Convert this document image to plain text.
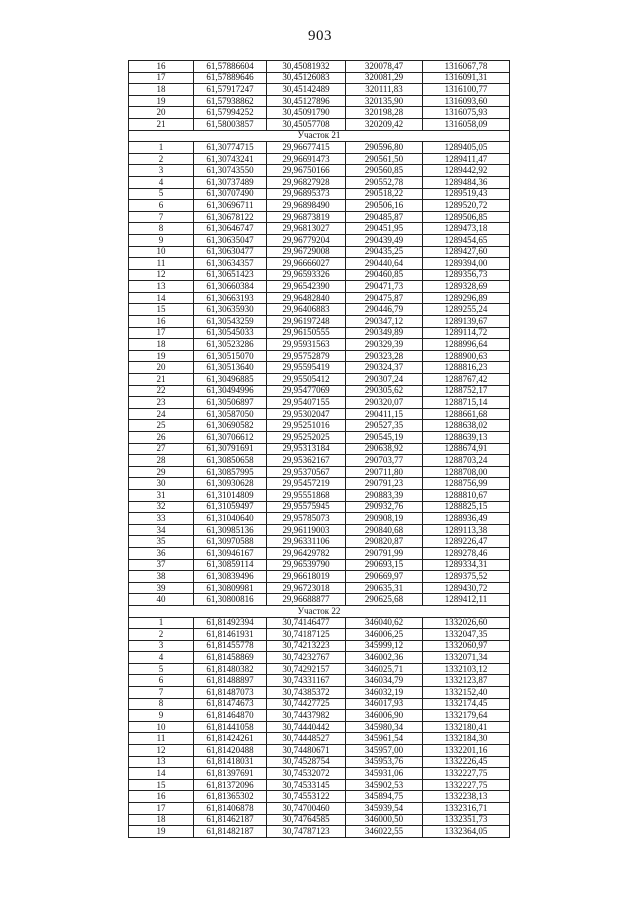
903
16	61,57886604	30,45081932	320078,47	1316067,78
17	61,57889646	30,45126083	320081,29	1316091,31
18	61,57917247	30,45142489	320111,83	1316100,77
19	61,57938862	30,45127896	320135,90	1316093,60
20	61,57994252	30,45091790	320198,28	1316075,93
21	61,58003857	30,45057708	320209,42	1316058,09
Участок 21				
1	61,30774715	29,96677415	290596,80	1289405,05
2	61,30743241	29,96691473	290561,50	1289411,47
3	61,30743550	29,96750166	290560,85	1289442,92
4	61,30737489	29,96827928	290552,78	1289484,36
5	61,30707490	29,96895373	290518,22	1289519,43
6	61,30696711	29,96898490	290506,16	1289520,72
7	61,30678122	29,96873819	290485,87	1289506,85
8	61,30646747	29,96813027	290451,95	1289473,18
9	61,30635047	29,96779204	290439,49	1289454,65
10	61,30630477	29,96729008	290435,25	1289427,60
11	61,30634357	29,96666027	290440,64	1289394,00
12	61,30651423	29,96593326	290460,85	1289356,73
13	61,30660384	29,96542390	290471,73	1289328,69
14	61,30663193	29,96482840	290475,87	1289296,89
15	61,30635930	29,96406883	290446,79	1289255,24
16	61,30543259	29,96197248	290347,12	1289139,67
17	61,30545033	29,96150555	290349,89	1289114,72
18	61,30523286	29,95931563	290329,39	1288996,64
19	61,30515070	29,95752879	290323,28	1288900,63
20	61,30513640	29,95595419	290324,37	1288816,23
21	61,30496885	29,95505412	290307,24	1288767,42
22	61,30494996	29,95477069	290305,62	1288752,17
23	61,30506897	29,95407155	290320,07	1288715,14
24	61,30587050	29,95302047	290411,15	1288661,68
25	61,30690582	29,95251016	290527,35	1288638,02
26	61,30706612	29,95252025	290545,19	1288639,13
27	61,30791691	29,95313184	290638,92	1288674,91
28	61,30850658	29,95362167	290703,77	1288703,24
29	61,30857995	29,95370567	290711,80	1288708,00
30	61,30930628	29,95457219	290791,23	1288756,99
31	61,31014809	29,95551868	290883,39	1288810,67
32	61,31059497	29,95575945	290932,76	1288825,15
33	61,31040640	29,95785073	290908,19	1288936,49
34	61,30985136	29,96119003	290840,68	1289113,38
35	61,30970588	29,96331106	290820,87	1289226,47
36	61,30946167	29,96429782	290791,99	1289278,46
37	61,30859114	29,96539790	290693,15	1289334,31
38	61,30839496	29,96618019	290669,97	1289375,52
39	61,30809981	29,96723018	290635,31	1289430,72
40	61,30800816	29,96688877	290625,68	1289412,11
Участок 22				
1	61,81492394	30,74146477	346040,62	1332026,60
2	61,81461931	30,74187125	346006,25	1332047,35
3	61,81455778	30,74213223	345999,12	1332060,97
4	61,81458869	30,74232767	346002,36	1332071,34
5	61,81480382	30,74292157	346025,71	1332103,12
6	61,81488897	30,74331167	346034,79	1332123,87
7	61,81487073	30,74385372	346032,19	1332152,40
8	61,81474673	30,74427725	346017,93	1332174,45
9	61,81464870	30,74437982	346006,90	1332179,64
10	61,81441058	30,74440442	345980,34	1332180,41
11	61,81424261	30,74448527	345961,54	1332184,30
12	61,81420488	30,74480671	345957,00	1332201,16
13	61,81418031	30,74528754	345953,76	1332226,45
14	61,81397691	30,74532072	345931,06	1332227,75
15	61,81372096	30,74533145	345902,53	1332227,75
16	61,81365302	30,74553122	345894,75	1332238,13
17	61,81406878	30,74700460	345939,54	1332316,71
18	61,81462187	30,74764585	346000,50	1332351,73
19	61,81482187	30,74787123	346022,55	1332364,05
